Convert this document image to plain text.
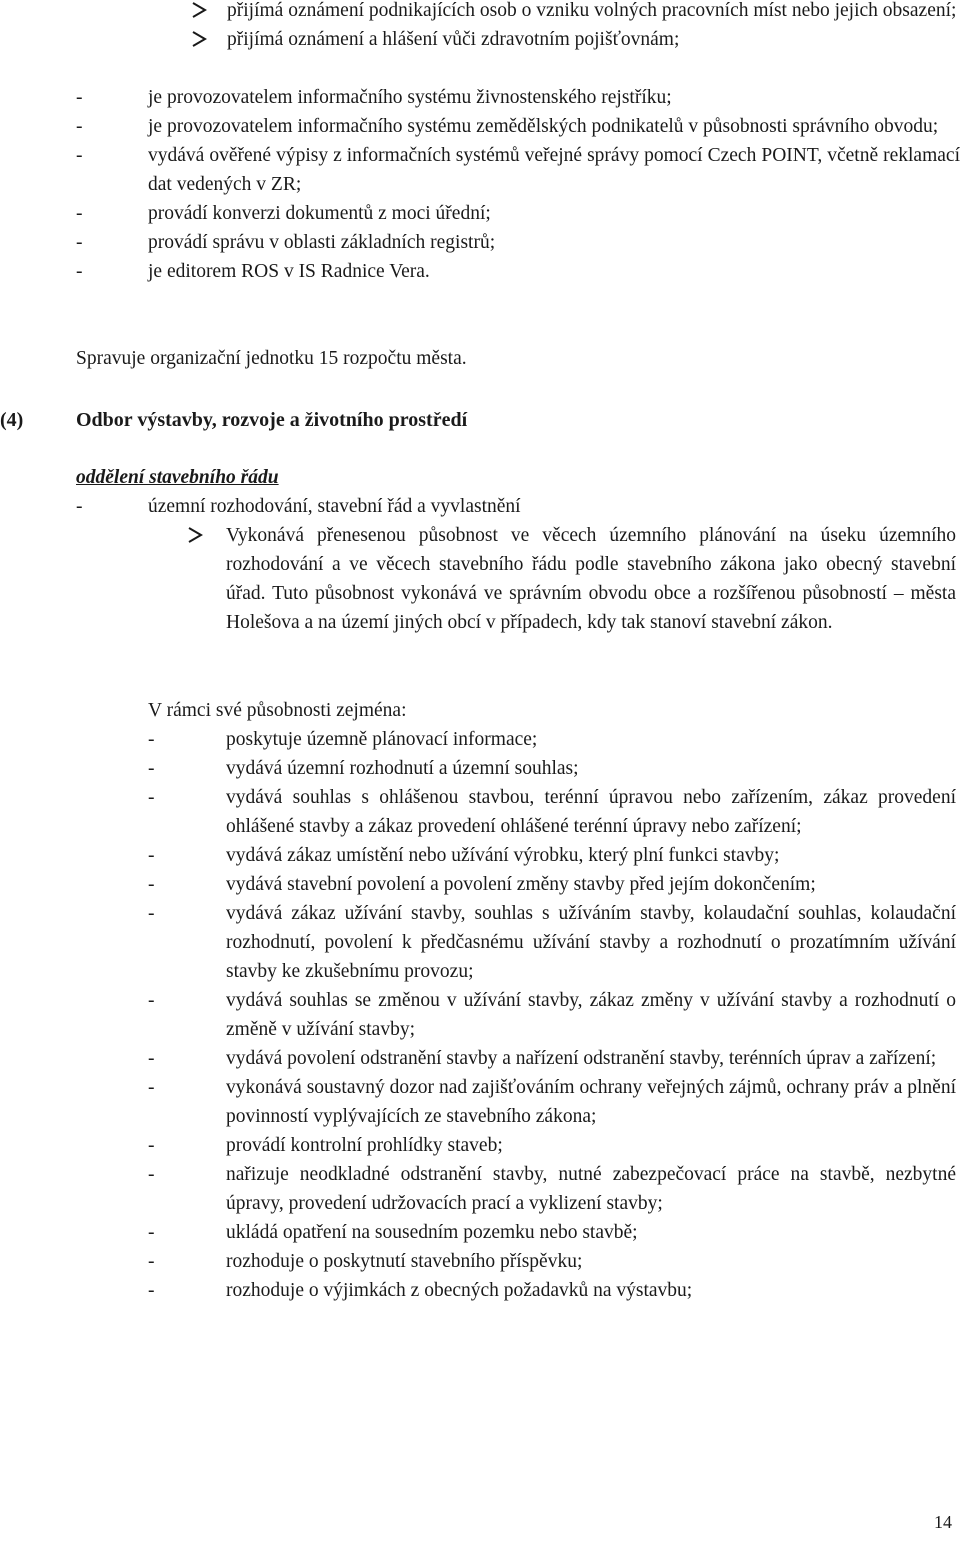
přijímá oznámení podnikajících osob o vzniku volných pracovních míst nebo jejich obsazení;
přijímá oznámení a hlášení vůči zdravotním pojišťovnám;
-	je provozovatelem informačního systému živnostenského rejstříku;
-	je provozovatelem informačního systému zemědělských podnikatelů v působnosti správního obvodu;
-	vydává ověřené výpisy z informačních systémů veřejné správy pomocí Czech POINT, včetně reklamací dat vedených v ZR;
-	provádí konverzi dokumentů z moci úřední;
-	provádí správu v oblasti základních registrů;
-	je editorem ROS v IS Radnice Vera.
Spravuje organizační jednotku 15 rozpočtu města.
(4)	Odbor výstavby, rozvoje a životního prostředí
oddělení stavebního řádu
-	územní rozhodování, stavební řád a vyvlastnění
Vykonává přenesenou působnost ve věcech územního plánování na úseku územního rozhodování a ve věcech stavebního řádu podle stavebního zákona jako obecný stavební úřad. Tuto působnost vykonává ve správním obvodu obce a rozšířenou působností – města Holešova a na území jiných obcí v případech, kdy tak stanoví stavební zákon.
V rámci své působnosti zejména:
-	poskytuje územně plánovací informace;
-	vydává územní rozhodnutí a územní souhlas;
-	vydává souhlas s ohlášenou stavbou, terénní úpravou nebo zařízením, zákaz provedení ohlášené stavby a zákaz provedení ohlášené terénní úpravy nebo zařízení;
-	vydává zákaz umístění nebo užívání výrobku, který plní funkci stavby;
-	vydává stavební povolení a povolení změny stavby před jejím dokončením;
-	vydává zákaz užívání stavby, souhlas s užíváním stavby, kolaudační souhlas, kolaudační rozhodnutí, povolení k předčasnému užívání stavby a rozhodnutí o prozatímním užívání stavby ke zkušebnímu provozu;
-	vydává souhlas se změnou v užívání stavby, zákaz změny v užívání stavby a rozhodnutí o změně v užívání stavby;
-	vydává povolení odstranění stavby a nařízení odstranění stavby, terénních úprav a zařízení;
-	vykonává soustavný dozor nad zajišťováním ochrany veřejných zájmů, ochrany práv a plnění povinností vyplývajících ze stavebního zákona;
-	provádí kontrolní prohlídky staveb;
-	nařizuje neodkladné odstranění stavby, nutné zabezpečovací práce na stavbě, nezbytné úpravy, provedení udržovacích prací a vyklizení stavby;
-	ukládá opatření na sousedním pozemku nebo stavbě;
-	rozhoduje o poskytnutí stavebního příspěvku;
-	rozhoduje o výjimkách z obecných požadavků na výstavbu;
14
